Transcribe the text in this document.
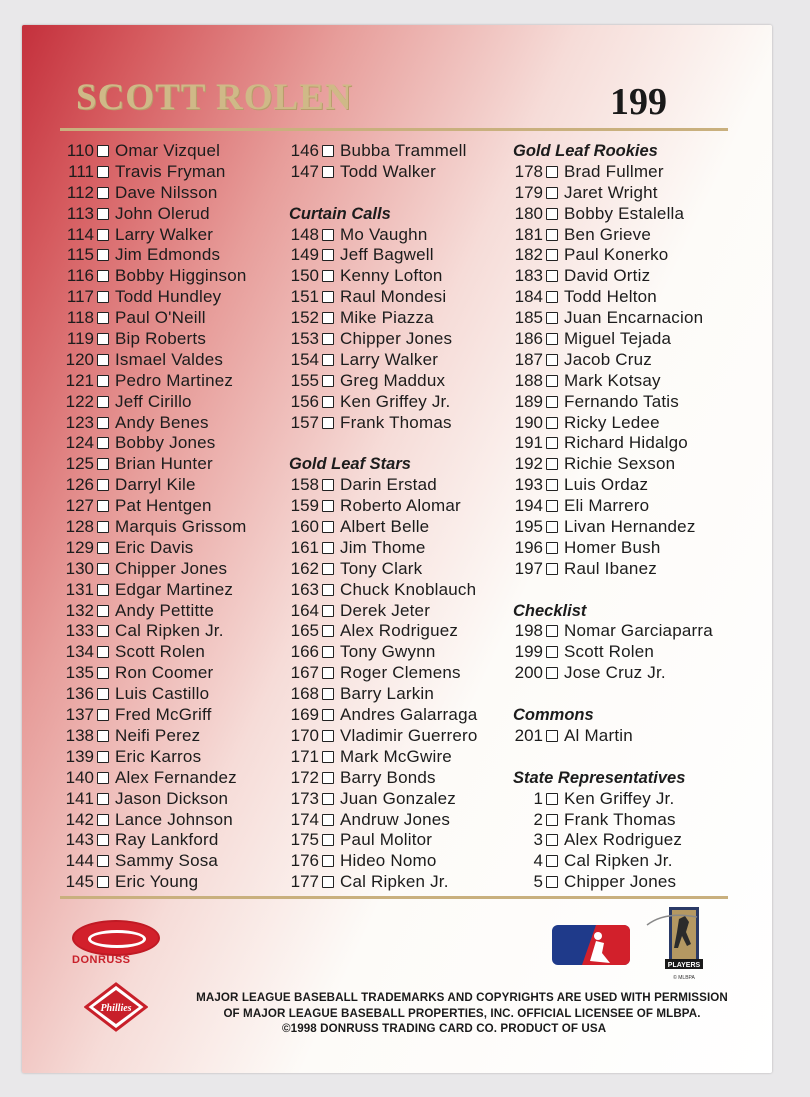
SCOTT ROLEN	199
110 Omar Vizquel
111 Travis Fryman
112 Dave Nilsson
113 John Olerud
114 Larry Walker
115 Jim Edmonds
116 Bobby Higginson
117 Todd Hundley
118 Paul O'Neill
119 Bip Roberts
120 Ismael Valdes
121 Pedro Martinez
122 Jeff Cirillo
123 Andy Benes
124 Bobby Jones
125 Brian Hunter
126 Darryl Kile
127 Pat Hentgen
128 Marquis Grissom
129 Eric Davis
130 Chipper Jones
131 Edgar Martinez
132 Andy Pettitte
133 Cal Ripken Jr.
134 Scott Rolen
135 Ron Coomer
136 Luis Castillo
137 Fred McGriff
138 Neifi Perez
139 Eric Karros
140 Alex Fernandez
141 Jason Dickson
142 Lance Johnson
143 Ray Lankford
144 Sammy Sosa
145 Eric Young
146 Bubba Trammell
147 Todd Walker
Curtain Calls
148 Mo Vaughn
149 Jeff Bagwell
150 Kenny Lofton
151 Raul Mondesi
152 Mike Piazza
153 Chipper Jones
154 Larry Walker
155 Greg Maddux
156 Ken Griffey Jr.
157 Frank Thomas
Gold Leaf Stars
158 Darin Erstad
159 Roberto Alomar
160 Albert Belle
161 Jim Thome
162 Tony Clark
163 Chuck Knoblauch
164 Derek Jeter
165 Alex Rodriguez
166 Tony Gwynn
167 Roger Clemens
168 Barry Larkin
169 Andres Galarraga
170 Vladimir Guerrero
171 Mark McGwire
172 Barry Bonds
173 Juan Gonzalez
174 Andruw Jones
175 Paul Molitor
176 Hideo Nomo
177 Cal Ripken Jr.
Gold Leaf Rookies
178 Brad Fullmer
179 Jaret Wright
180 Bobby Estalella
181 Ben Grieve
182 Paul Konerko
183 David Ortiz
184 Todd Helton
185 Juan Encarnacion
186 Miguel Tejada
187 Jacob Cruz
188 Mark Kotsay
189 Fernando Tatis
190 Ricky Ledee
191 Richard Hidalgo
192 Richie Sexson
193 Luis Ordaz
194 Eli Marrero
195 Livan Hernandez
196 Homer Bush
197 Raul Ibanez
Checklist
198 Nomar Garciaparra
199 Scott Rolen
200 Jose Cruz Jr.
Commons
201 Al Martin
State Representatives
1 Ken Griffey Jr.
2 Frank Thomas
3 Alex Rodriguez
4 Cal Ripken Jr.
5 Chipper Jones
DONRUSS
Phillies
PLAYERS
© MLBPA
MAJOR LEAGUE BASEBALL TRADEMARKS AND COPYRIGHTS ARE USED WITH PERMISSION
OF MAJOR LEAGUE BASEBALL PROPERTIES, INC. OFFICIAL LICENSEE OF MLBPA.
©1998 DONRUSS TRADING CARD CO. PRODUCT OF USA
